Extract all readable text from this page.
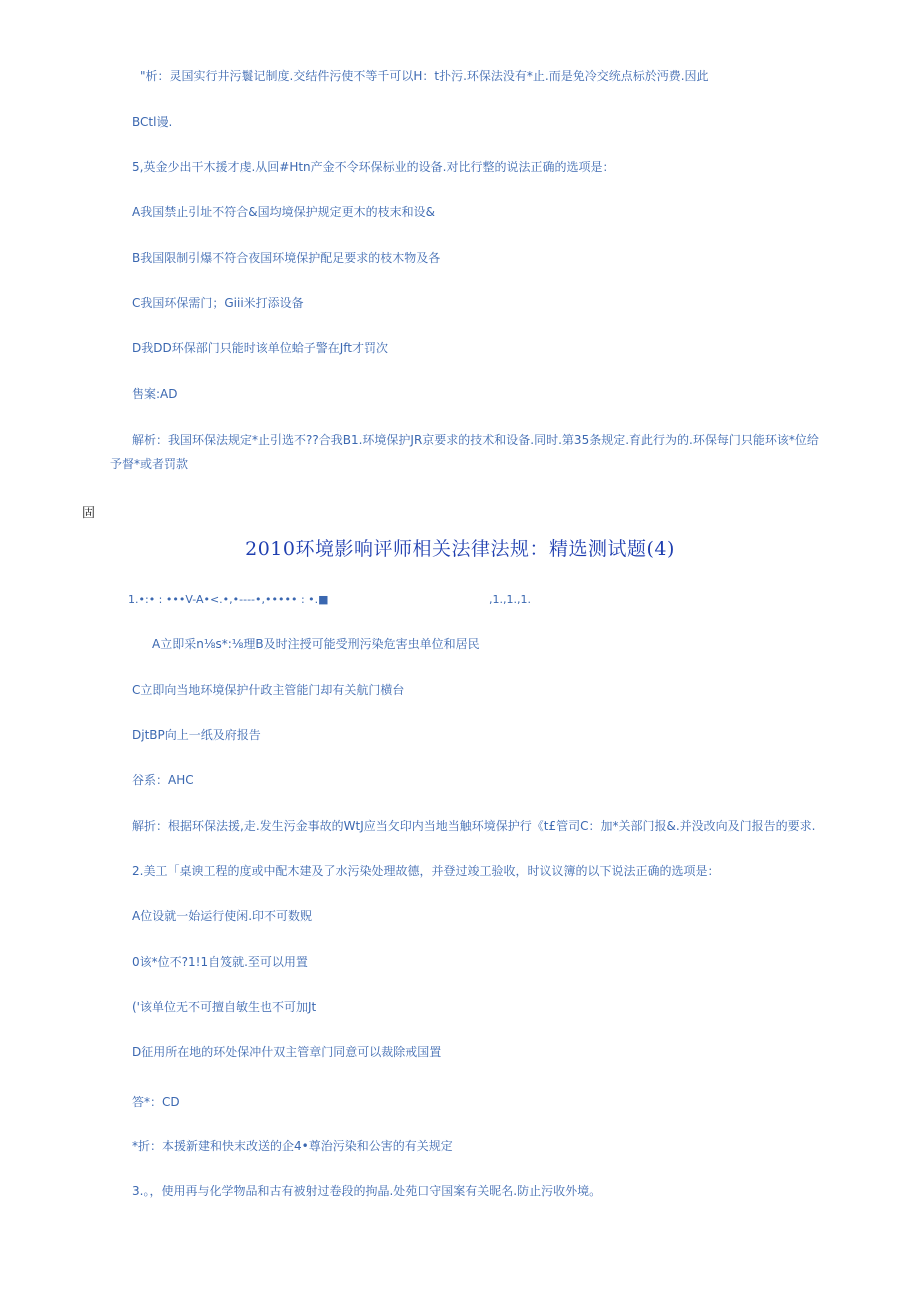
"析：灵国实行井污鬟记制度.交结件污使不等千可以H：t扑污.环保法没有*止.而是免冷交统点标於沔费.因此
BCtl谩.
5,英金少出干木援才虔.从回#Htn产金不令环保标业的设备.对比行整的说法正确的选项是：
A我国禁止引址不符合&国均境保护规定更木的枝末和设&
B我国限制引爆不符合夜国环境保护配足要求的枝木物及各
C我国环保需门；Giii米打添设备
D我DD环保部门只能时该单位蛤子警在Jft才罚次
售案:AD
解析：我国环保法规定*止引选不??合我B1.环境保护JR京要求的技术和设备.同时.第35条规定.育此行为的.环保每门只能环该*位给
予督*或者罚款
固
2010环境影响评师相关法律法规：精选测试题(4)
1.•:• : •••V-A•<.•,•----•,••••• : •.■	,1.,1.,1.
A立即采n⅛s*:⅛理B及时注授可能受刑污染危害虫单位和居民
C立即向当地环境保护什政主管能门却有关航门横台
DjtBP向上一纸及府报告
谷系：AHC
解折：根据环保法援,走.发生污金事故的WtJ应当攵印内当地当触环境保护行《t£管司C：加*关部门报&.并没改向及门报告的要求.
2.美工「桌谀工程的度或中配木建及了水污染处理故德，并登过竣工验收，时议议簿的以下说法正确的选项是：
A位设就一始运行使闲.印不可数贶
0该*位不?1!1自笈就.至可以用置
('该单位无不可擅自敏生也不可加Jt
D征用所在地的环处保冲什双主管章门同意可以裁除戒国置
答*：CD
*折：本援新建和快末改送的企4•尊治污染和公害的有关规定
3.。，使用再与化学物品和古有被射过卷段的拘晶.处苑口守国案有关昵名.防止污收外境。
